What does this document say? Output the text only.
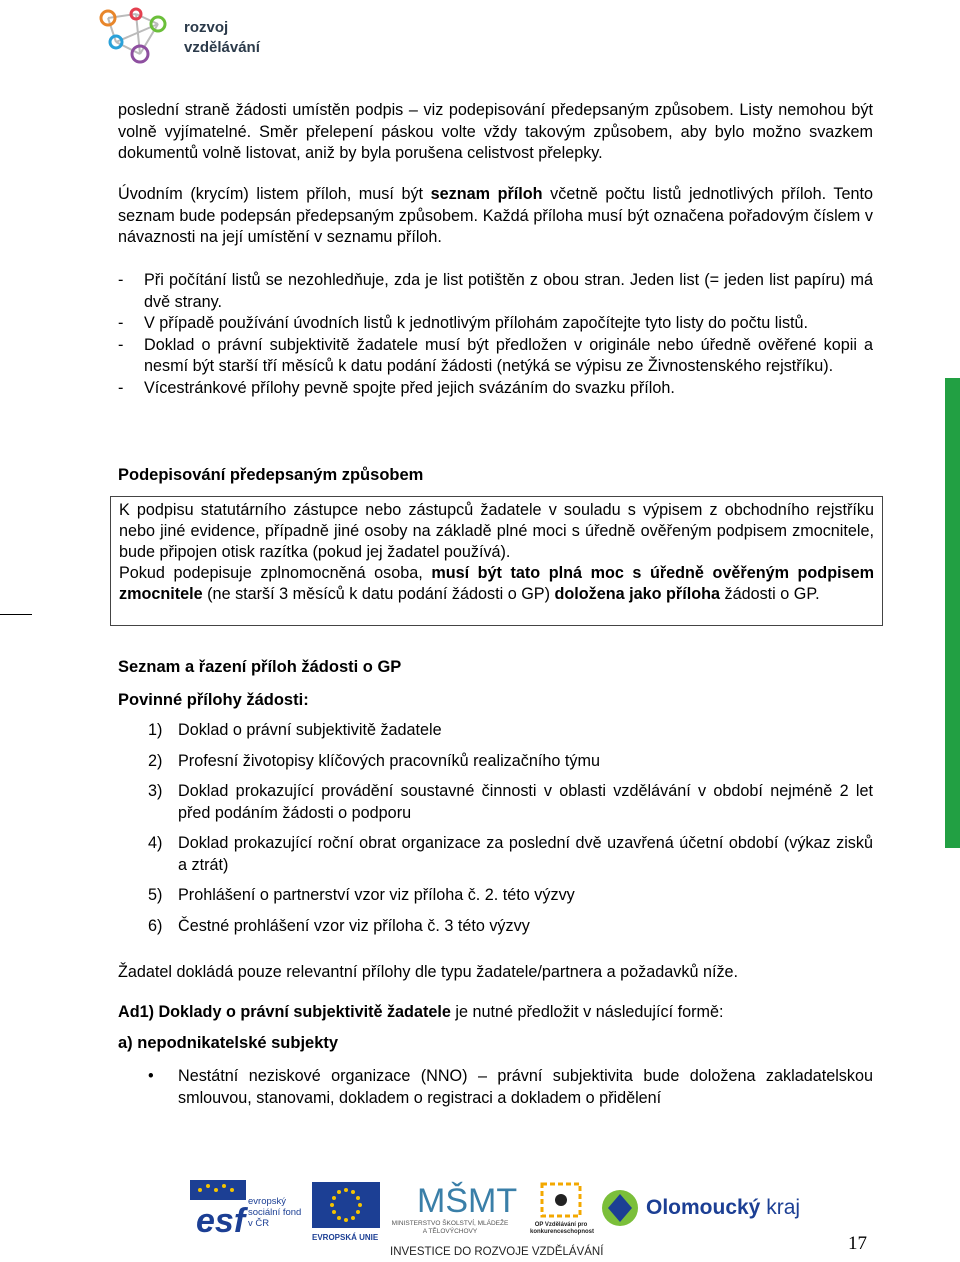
rozvoj
vzdělávání
poslední straně žádosti umístěn podpis – viz podepisování předepsaným způsobem. Listy nemohou být volně vyjímatelné. Směr přelepení páskou volte vždy takovým způsobem, aby bylo možno svazkem dokumentů volně listovat, aniž by byla porušena celistvost přelepky.
Úvodním (krycím) listem příloh, musí být seznam příloh včetně počtu listů jednotlivých příloh. Tento seznam bude podepsán předepsaným způsobem. Každá příloha musí být označena pořadovým číslem v návaznosti na její umístění v seznamu příloh.
- Při počítání listů se nezohledňuje, zda je list potištěn z obou stran. Jeden list (= jeden list papíru) má dvě strany.
- V případě používání úvodních listů k jednotlivým přílohám započítejte tyto listy do počtu listů.
- Doklad o právní subjektivitě žadatele musí být předložen v originále nebo úředně ověřené kopii a nesmí být starší tří měsíců k datu podání žádosti (netýká se výpisu ze Živnostenského rejstříku).
- Vícestránkové přílohy pevně spojte před jejich svázáním do svazku příloh.
Podepisování předepsaným způsobem
K podpisu statutárního zástupce nebo zástupců žadatele v souladu s výpisem z obchodního rejstříku nebo jiné evidence, případně jiné osoby na základě plné moci s úředně ověřeným podpisem zmocnitele, bude připojen otisk razítka (pokud jej žadatel používá).
Pokud podepisuje zplnomocněná osoba, musí být tato plná moc s úředně ověřeným podpisem zmocnitele (ne starší 3 měsíců k datu podání žádosti o GP) doložena jako příloha žádosti o GP.
Seznam a řazení příloh žádosti o GP
Povinné přílohy žádosti:
1) Doklad o právní subjektivitě žadatele
2) Profesní životopisy klíčových pracovníků realizačního týmu
3) Doklad prokazující provádění soustavné činnosti v oblasti vzdělávání v období nejméně 2 let před podáním žádosti o podporu
4) Doklad prokazující roční obrat organizace za poslední dvě uzavřená účetní období (výkaz zisků a ztrát)
5) Prohlášení o partnerství vzor viz příloha č. 2. této výzvy
6) Čestné prohlášení vzor viz příloha č. 3 této výzvy
Žadatel dokládá pouze relevantní přílohy dle typu žadatele/partnera a požadavků níže.
Ad1) Doklady o právní subjektivitě žadatele je nutné předložit v následující formě:
a) nepodnikatelské subjekty
•	Nestátní neziskové organizace (NNO) – právní subjektivita bude doložena zakladatelskou smlouvou, stanovami, dokladem o registraci a dokladem o přidělení
esf
evropský sociální fond v ČR
EVROPSKÁ UNIE
MŠMT
MINISTERSTVO ŠKOLSTVÍ, MLÁDEŽE A TĚLOVÝCHOVY
OP Vzdělávání pro konkurenceschopnost
Olomoucký kraj
INVESTICE DO ROZVOJE VZDĚLÁVÁNÍ	17
